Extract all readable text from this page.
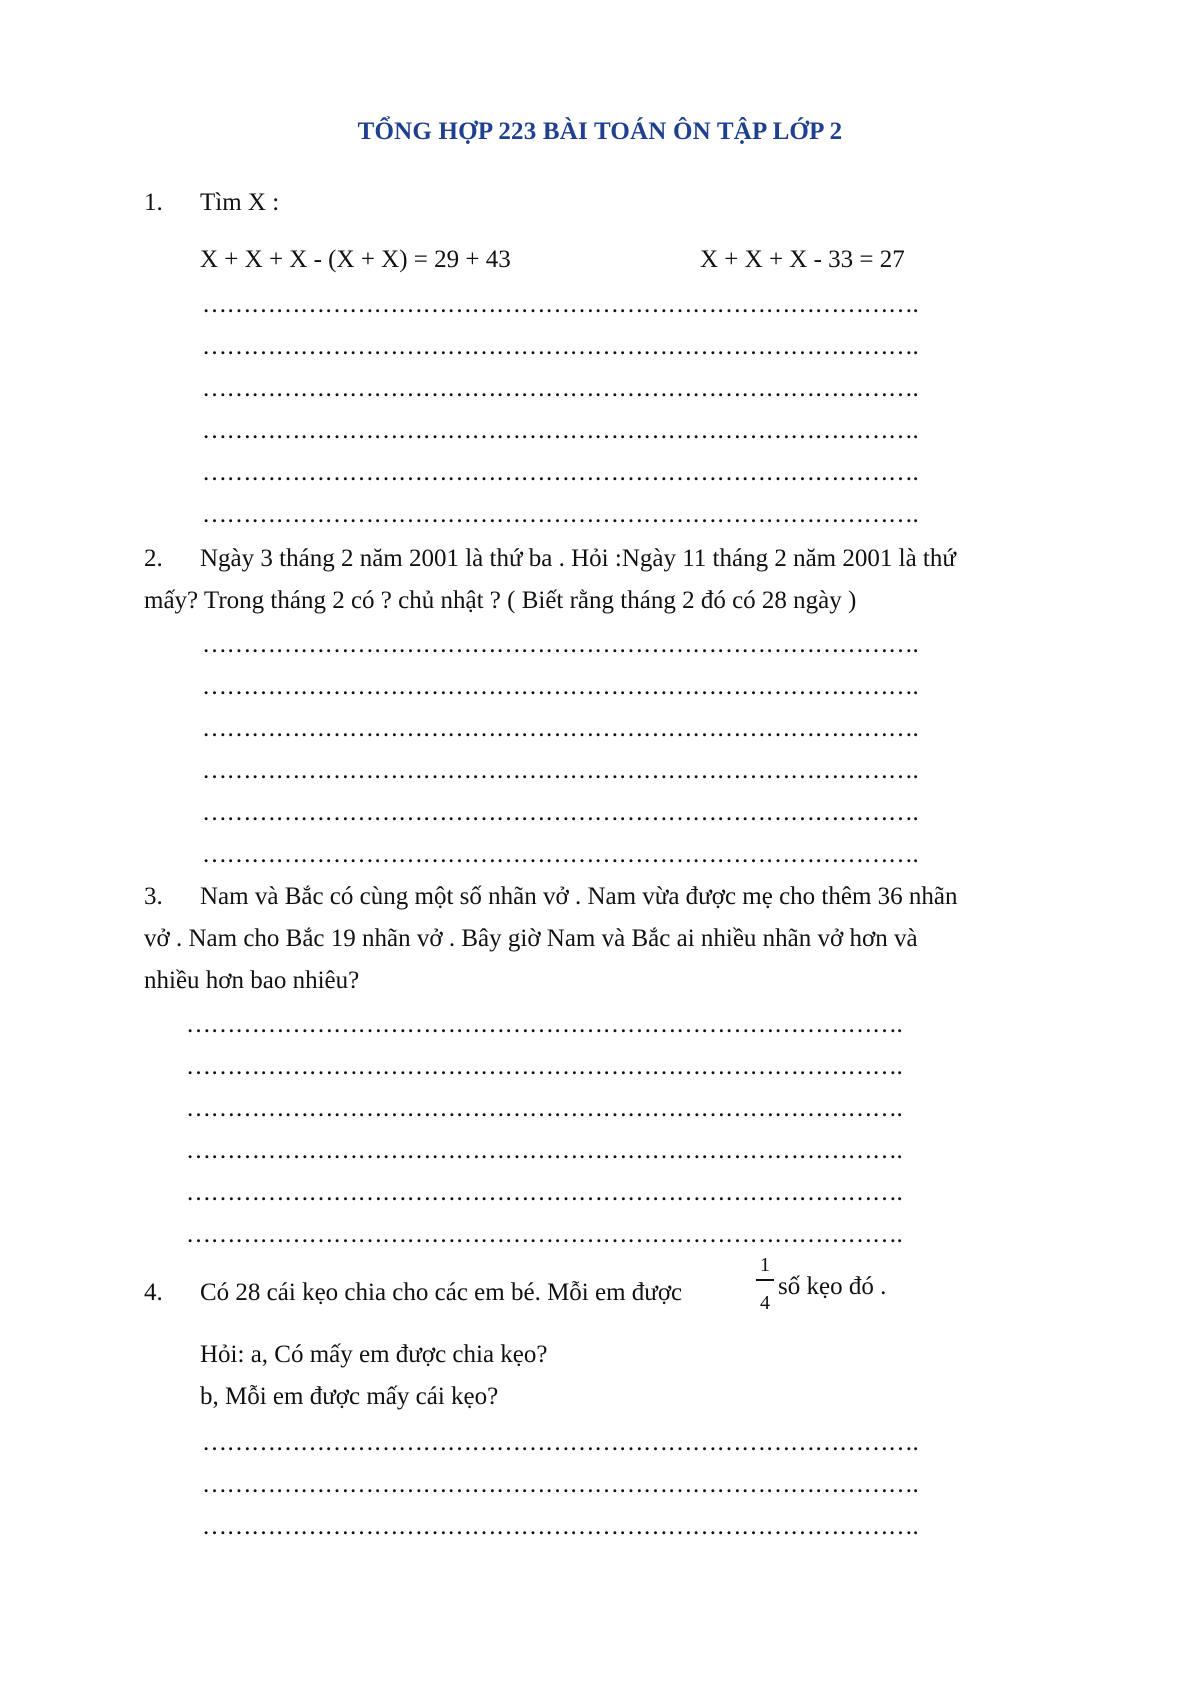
TỔNG HỢP 223 BÀI TOÁN ÔN TẬP LỚP 2
1. Tìm X :
X + X + X - (X + X) = 29 + 43	X + X + X - 33 = 27
…………………………………………………………………………….
…………………………………………………………………………….
…………………………………………………………………………….
…………………………………………………………………………….
…………………………………………………………………………….
…………………………………………………………………………….
2. Ngày 3 tháng 2 năm 2001 là thứ ba . Hỏi :Ngày 11 tháng 2 năm 2001 là thứ
mấy? Trong tháng 2 có ? chủ nhật ? ( Biết rằng tháng 2 đó có 28 ngày )
…………………………………………………………………………….
…………………………………………………………………………….
…………………………………………………………………………….
…………………………………………………………………………….
…………………………………………………………………………….
…………………………………………………………………………….
3. Nam và Bắc có cùng một số nhãn vở . Nam vừa được mẹ cho thêm 36 nhãn
vở . Nam cho Bắc 19 nhãn vở . Bây giờ Nam và Bắc ai nhiều nhãn vở hơn và
nhiều hơn bao nhiêu?
…………………………………………………………………………….
…………………………………………………………………………….
…………………………………………………………………………….
…………………………………………………………………………….
…………………………………………………………………………….
…………………………………………………………………………….
4. Có 28 cái kẹo chia cho các em bé. Mỗi em được
1
4
số kẹo đó .
Hỏi: a, Có mấy em được chia kẹo?
b, Mỗi em được mấy cái kẹo?
…………………………………………………………………………….
…………………………………………………………………………….
…………………………………………………………………………….
